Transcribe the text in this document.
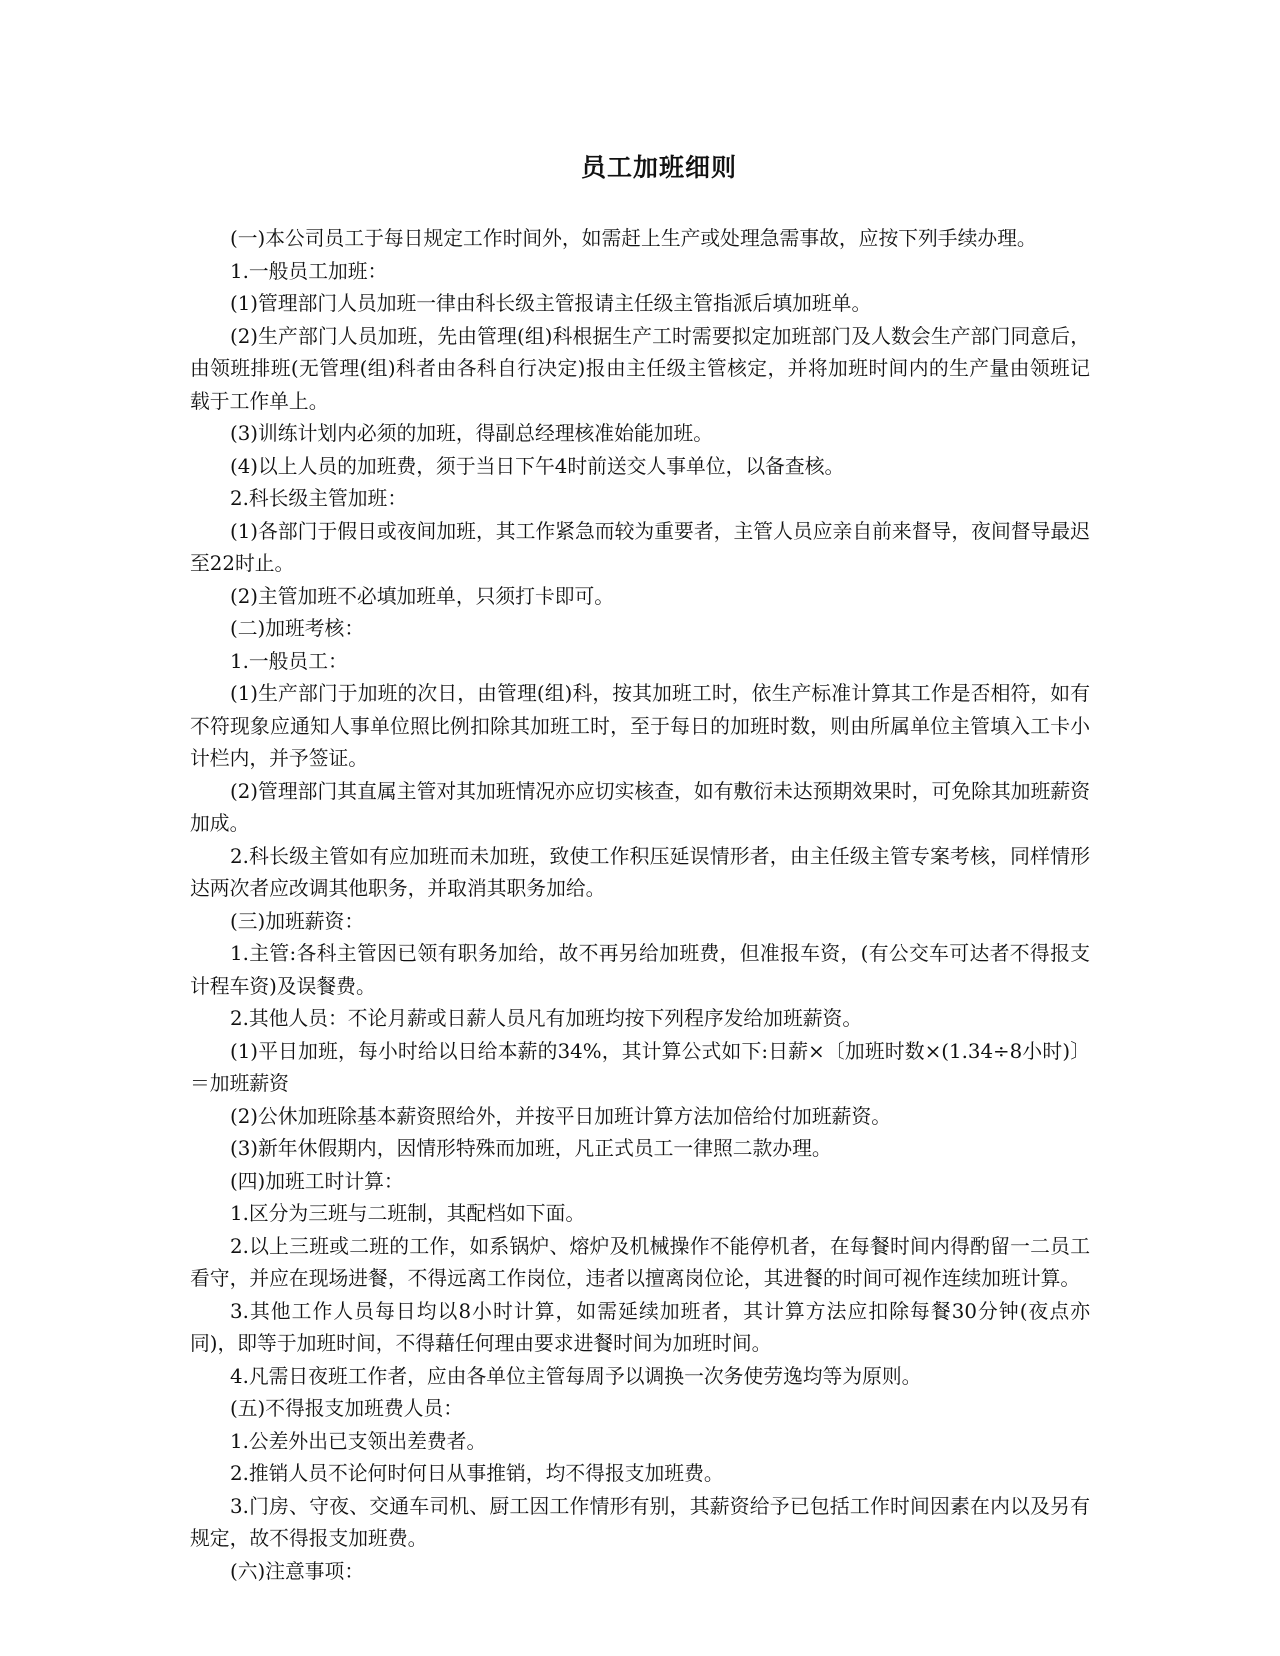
员工加班细则

(一)本公司员工于每日规定工作时间外，如需赶上生产或处理急需事故，应按下列手续办理。

1.一般员工加班：

(1)管理部门人员加班一律由科长级主管报请主任级主管指派后填加班单。

(2)生产部门人员加班，先由管理(组)科根据生产工时需要拟定加班部门及人数会生产部门同意后，由领班排班(无管理(组)科者由各科自行决定)报由主任级主管核定，并将加班时间内的生产量由领班记载于工作单上。

(3)训练计划内必须的加班，得副总经理核准始能加班。

(4)以上人员的加班费，须于当日下午4时前送交人事单位，以备查核。

2.科长级主管加班：

(1)各部门于假日或夜间加班，其工作紧急而较为重要者，主管人员应亲自前来督导，夜间督导最迟至22时止。

(2)主管加班不必填加班单，只须打卡即可。

(二)加班考核：

1.一般员工：

(1)生产部门于加班的次日，由管理(组)科，按其加班工时，依生产标准计算其工作是否相符，如有不符现象应通知人事单位照比例扣除其加班工时，至于每日的加班时数，则由所属单位主管填入工卡小计栏内，并予签证。

(2)管理部门其直属主管对其加班情况亦应切实核查，如有敷衍未达预期效果时，可免除其加班薪资加成。

2.科长级主管如有应加班而未加班，致使工作积压延误情形者，由主任级主管专案考核，同样情形达两次者应改调其他职务，并取消其职务加给。

(三)加班薪资：

1.主管:各科主管因已领有职务加给，故不再另给加班费，但准报车资，(有公交车可达者不得报支计程车资)及误餐费。

2.其他人员：不论月薪或日薪人员凡有加班均按下列程序发给加班薪资。

(1)平日加班，每小时给以日给本薪的34%，其计算公式如下:日薪×〔加班时数×(1.34÷8小时)〕＝加班薪资

(2)公休加班除基本薪资照给外，并按平日加班计算方法加倍给付加班薪资。

(3)新年休假期内，因情形特殊而加班，凡正式员工一律照二款办理。

(四)加班工时计算：

1.区分为三班与二班制，其配档如下面。

2.以上三班或二班的工作，如系锅炉、熔炉及机械操作不能停机者，在每餐时间内得酌留一二员工看守，并应在现场进餐，不得远离工作岗位，违者以擅离岗位论，其进餐的时间可视作连续加班计算。

3.其他工作人员每日均以8小时计算，如需延续加班者，其计算方法应扣除每餐30分钟(夜点亦同)，即等于加班时间，不得藉任何理由要求进餐时间为加班时间。

4.凡需日夜班工作者，应由各单位主管每周予以调换一次务使劳逸均等为原则。

(五)不得报支加班费人员：

1.公差外出已支领出差费者。

2.推销人员不论何时何日从事推销，均不得报支加班费。

3.门房、守夜、交通车司机、厨工因工作情形有别，其薪资给予已包括工作时间因素在内以及另有规定，故不得报支加班费。

(六)注意事项：
